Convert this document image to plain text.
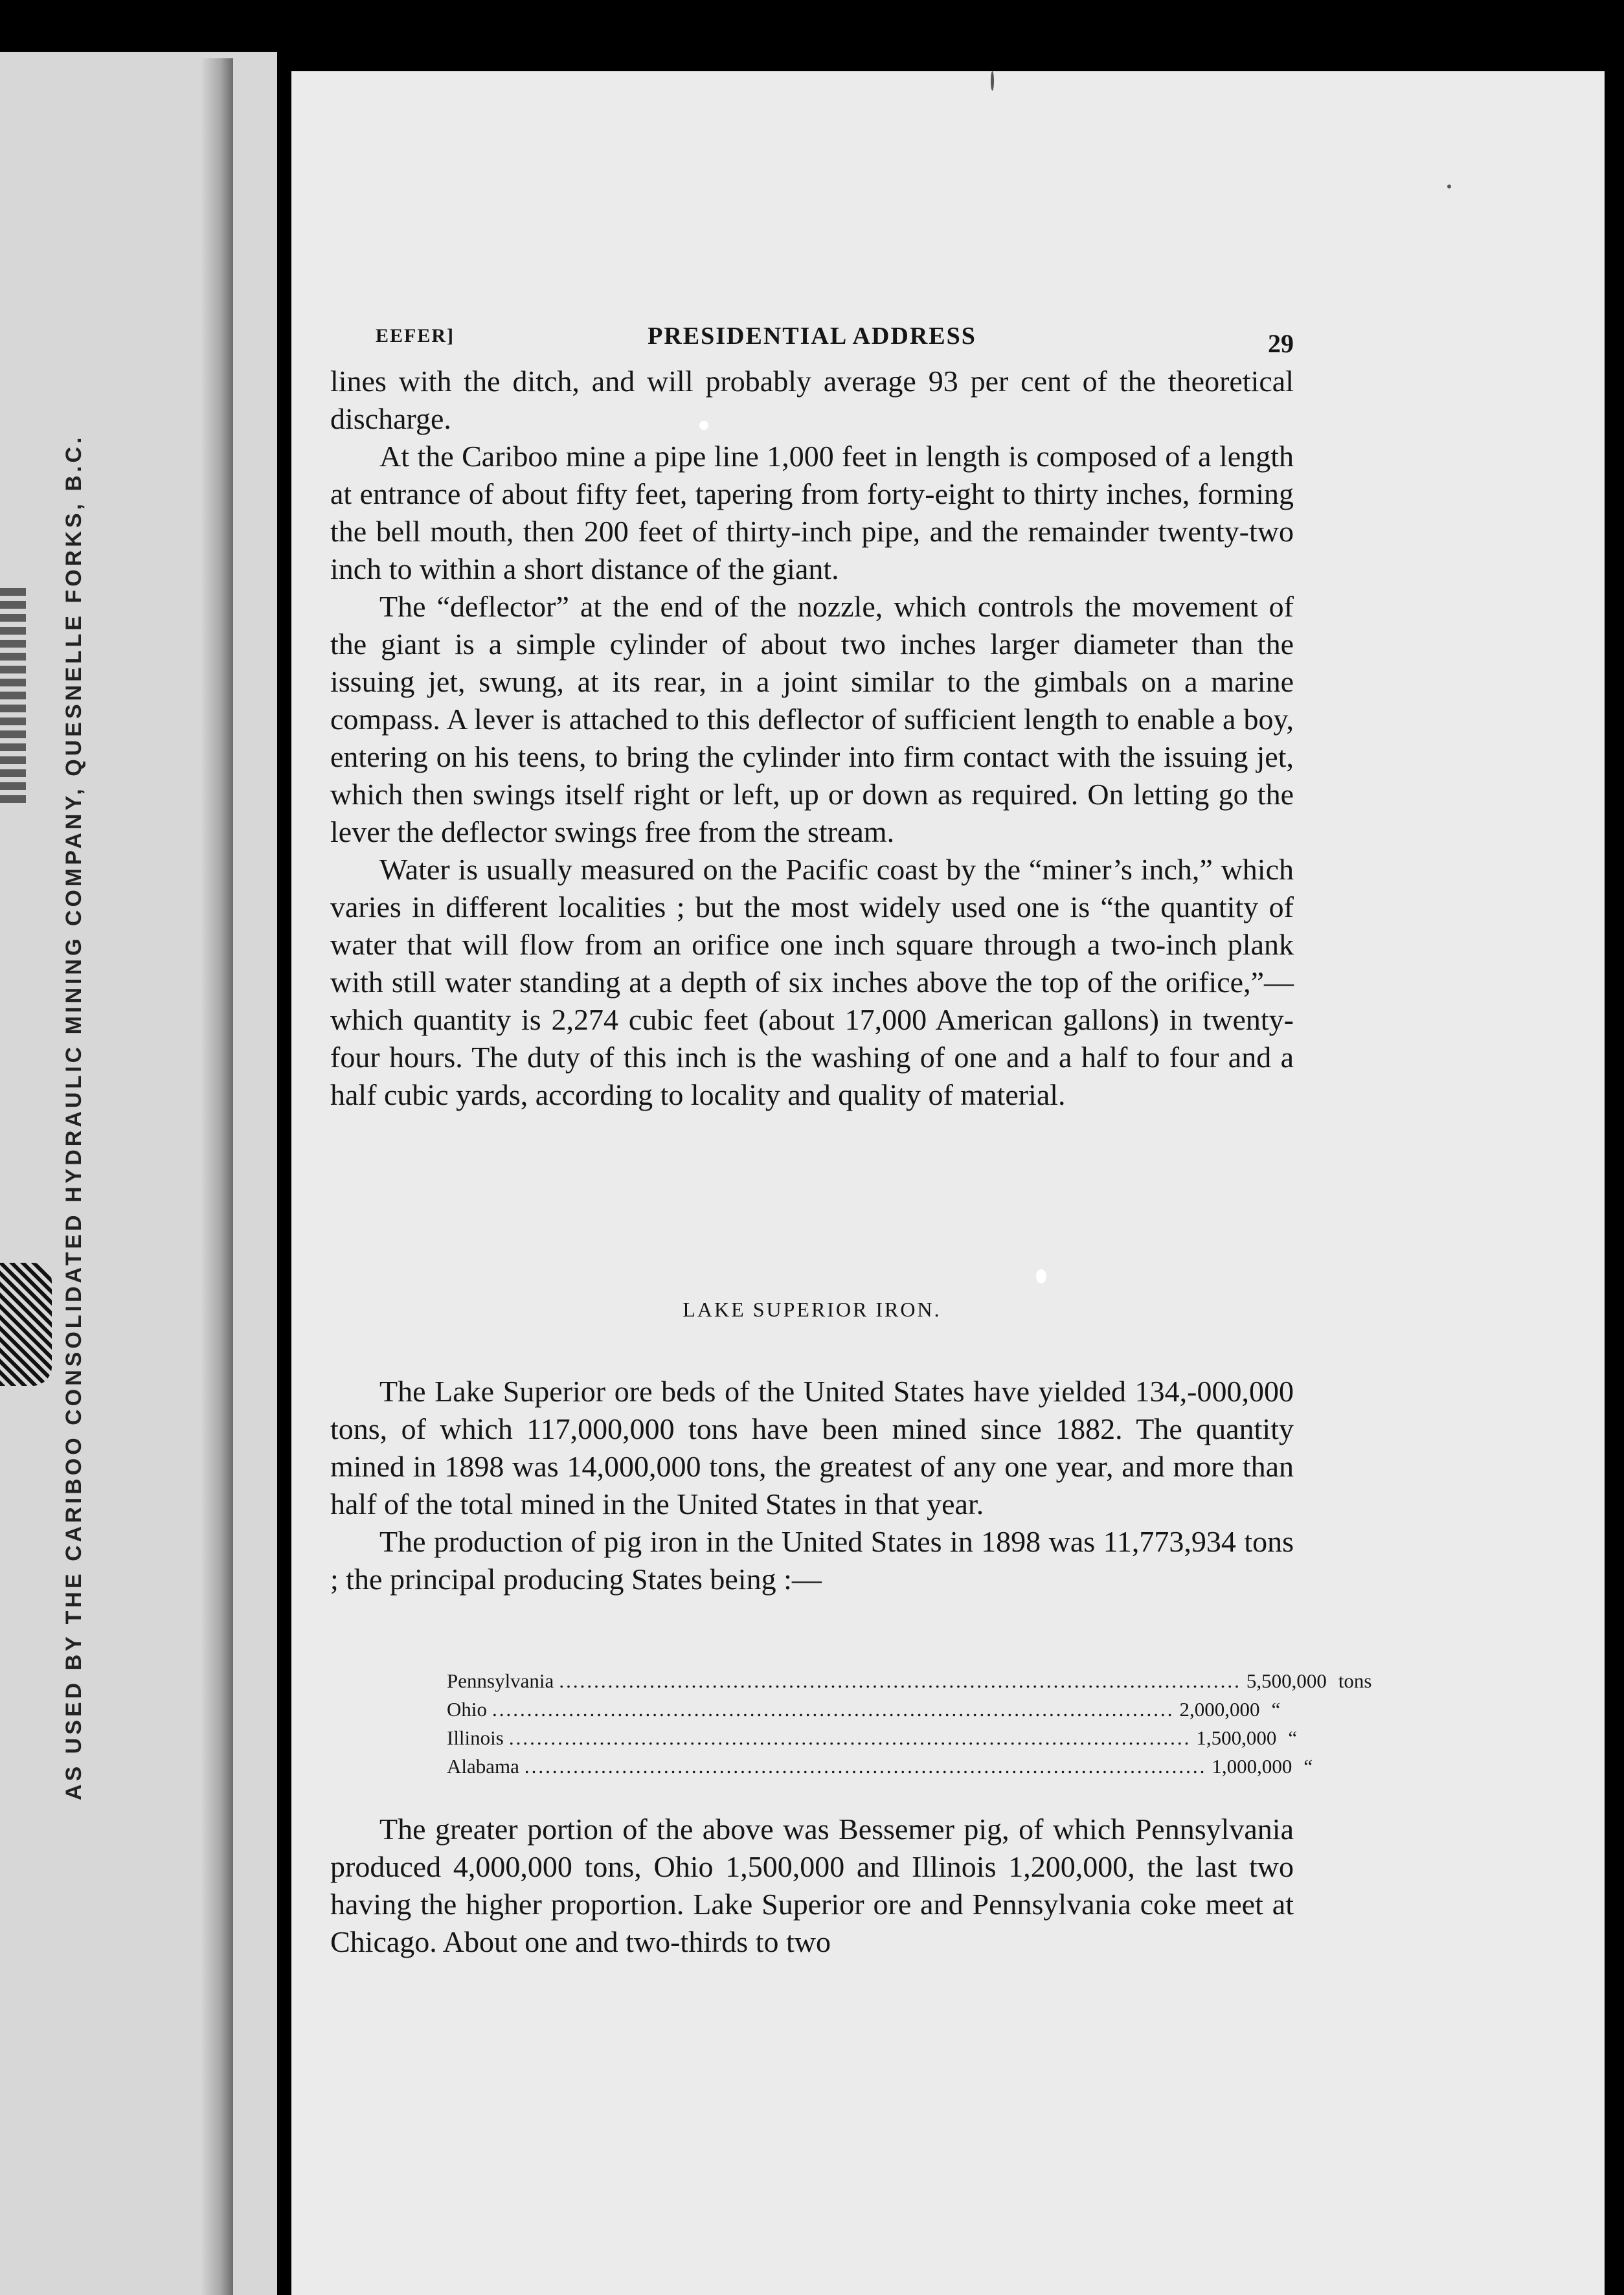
AS USED BY THE CARIBOO CONSOLIDATED HYDRAULIC MINING COMPANY, QUESNELLE FORKS, B.C.
EEFER]	PRESIDENTIAL ADDRESS	29

lines with the ditch, and will probably average 93 per cent of the theoretical discharge.

At the Cariboo mine a pipe line 1,000 feet in length is composed of a length at entrance of about fifty feet, tapering from forty-eight to thirty inches, forming the bell mouth, then 200 feet of thirty-inch pipe, and the remainder twenty-two inch to within a short distance of the giant.

The “deflector” at the end of the nozzle, which controls the movement of the giant is a simple cylinder of about two inches larger diameter than the issuing jet, swung, at its rear, in a joint similar to the gimbals on a marine compass. A lever is attached to this deflector of sufficient length to enable a boy, entering on his teens, to bring the cylinder into firm contact with the issuing jet, which then swings itself right or left, up or down as required. On letting go the lever the deflector swings free from the stream.

Water is usually measured on the Pacific coast by the “miner’s inch,” which varies in different localities ; but the most widely used one is “the quantity of water that will flow from an orifice one inch square through a two-inch plank with still water standing at a depth of six inches above the top of the orifice,”—which quantity is 2,274 cubic feet (about 17,000 American gallons) in twenty-four hours. The duty of this inch is the washing of one and a half to four and a half cubic yards, according to locality and quality of material.

LAKE SUPERIOR IRON.

The Lake Superior ore beds of the United States have yielded 134,-000,000 tons, of which 117,000,000 tons have been mined since 1882. The quantity mined in 1898 was 14,000,000 tons, the greatest of any one year, and more than half of the total mined in the United States in that year.

The production of pig iron in the United States in 1898 was 11,773,934 tons ; the principal producing States being :—

Pennsylvania .................................................................................................. 5,500,000 tons
Ohio .................................................................................................. 2,000,000 “
Illinois .................................................................................................. 1,500,000 “
Alabama .................................................................................................. 1,000,000 “

The greater portion of the above was Bessemer pig, of which Pennsylvania produced 4,000,000 tons, Ohio 1,500,000 and Illinois 1,200,000, the last two having the higher proportion. Lake Superior ore and Pennsylvania coke meet at Chicago. About one and two-thirds to two
